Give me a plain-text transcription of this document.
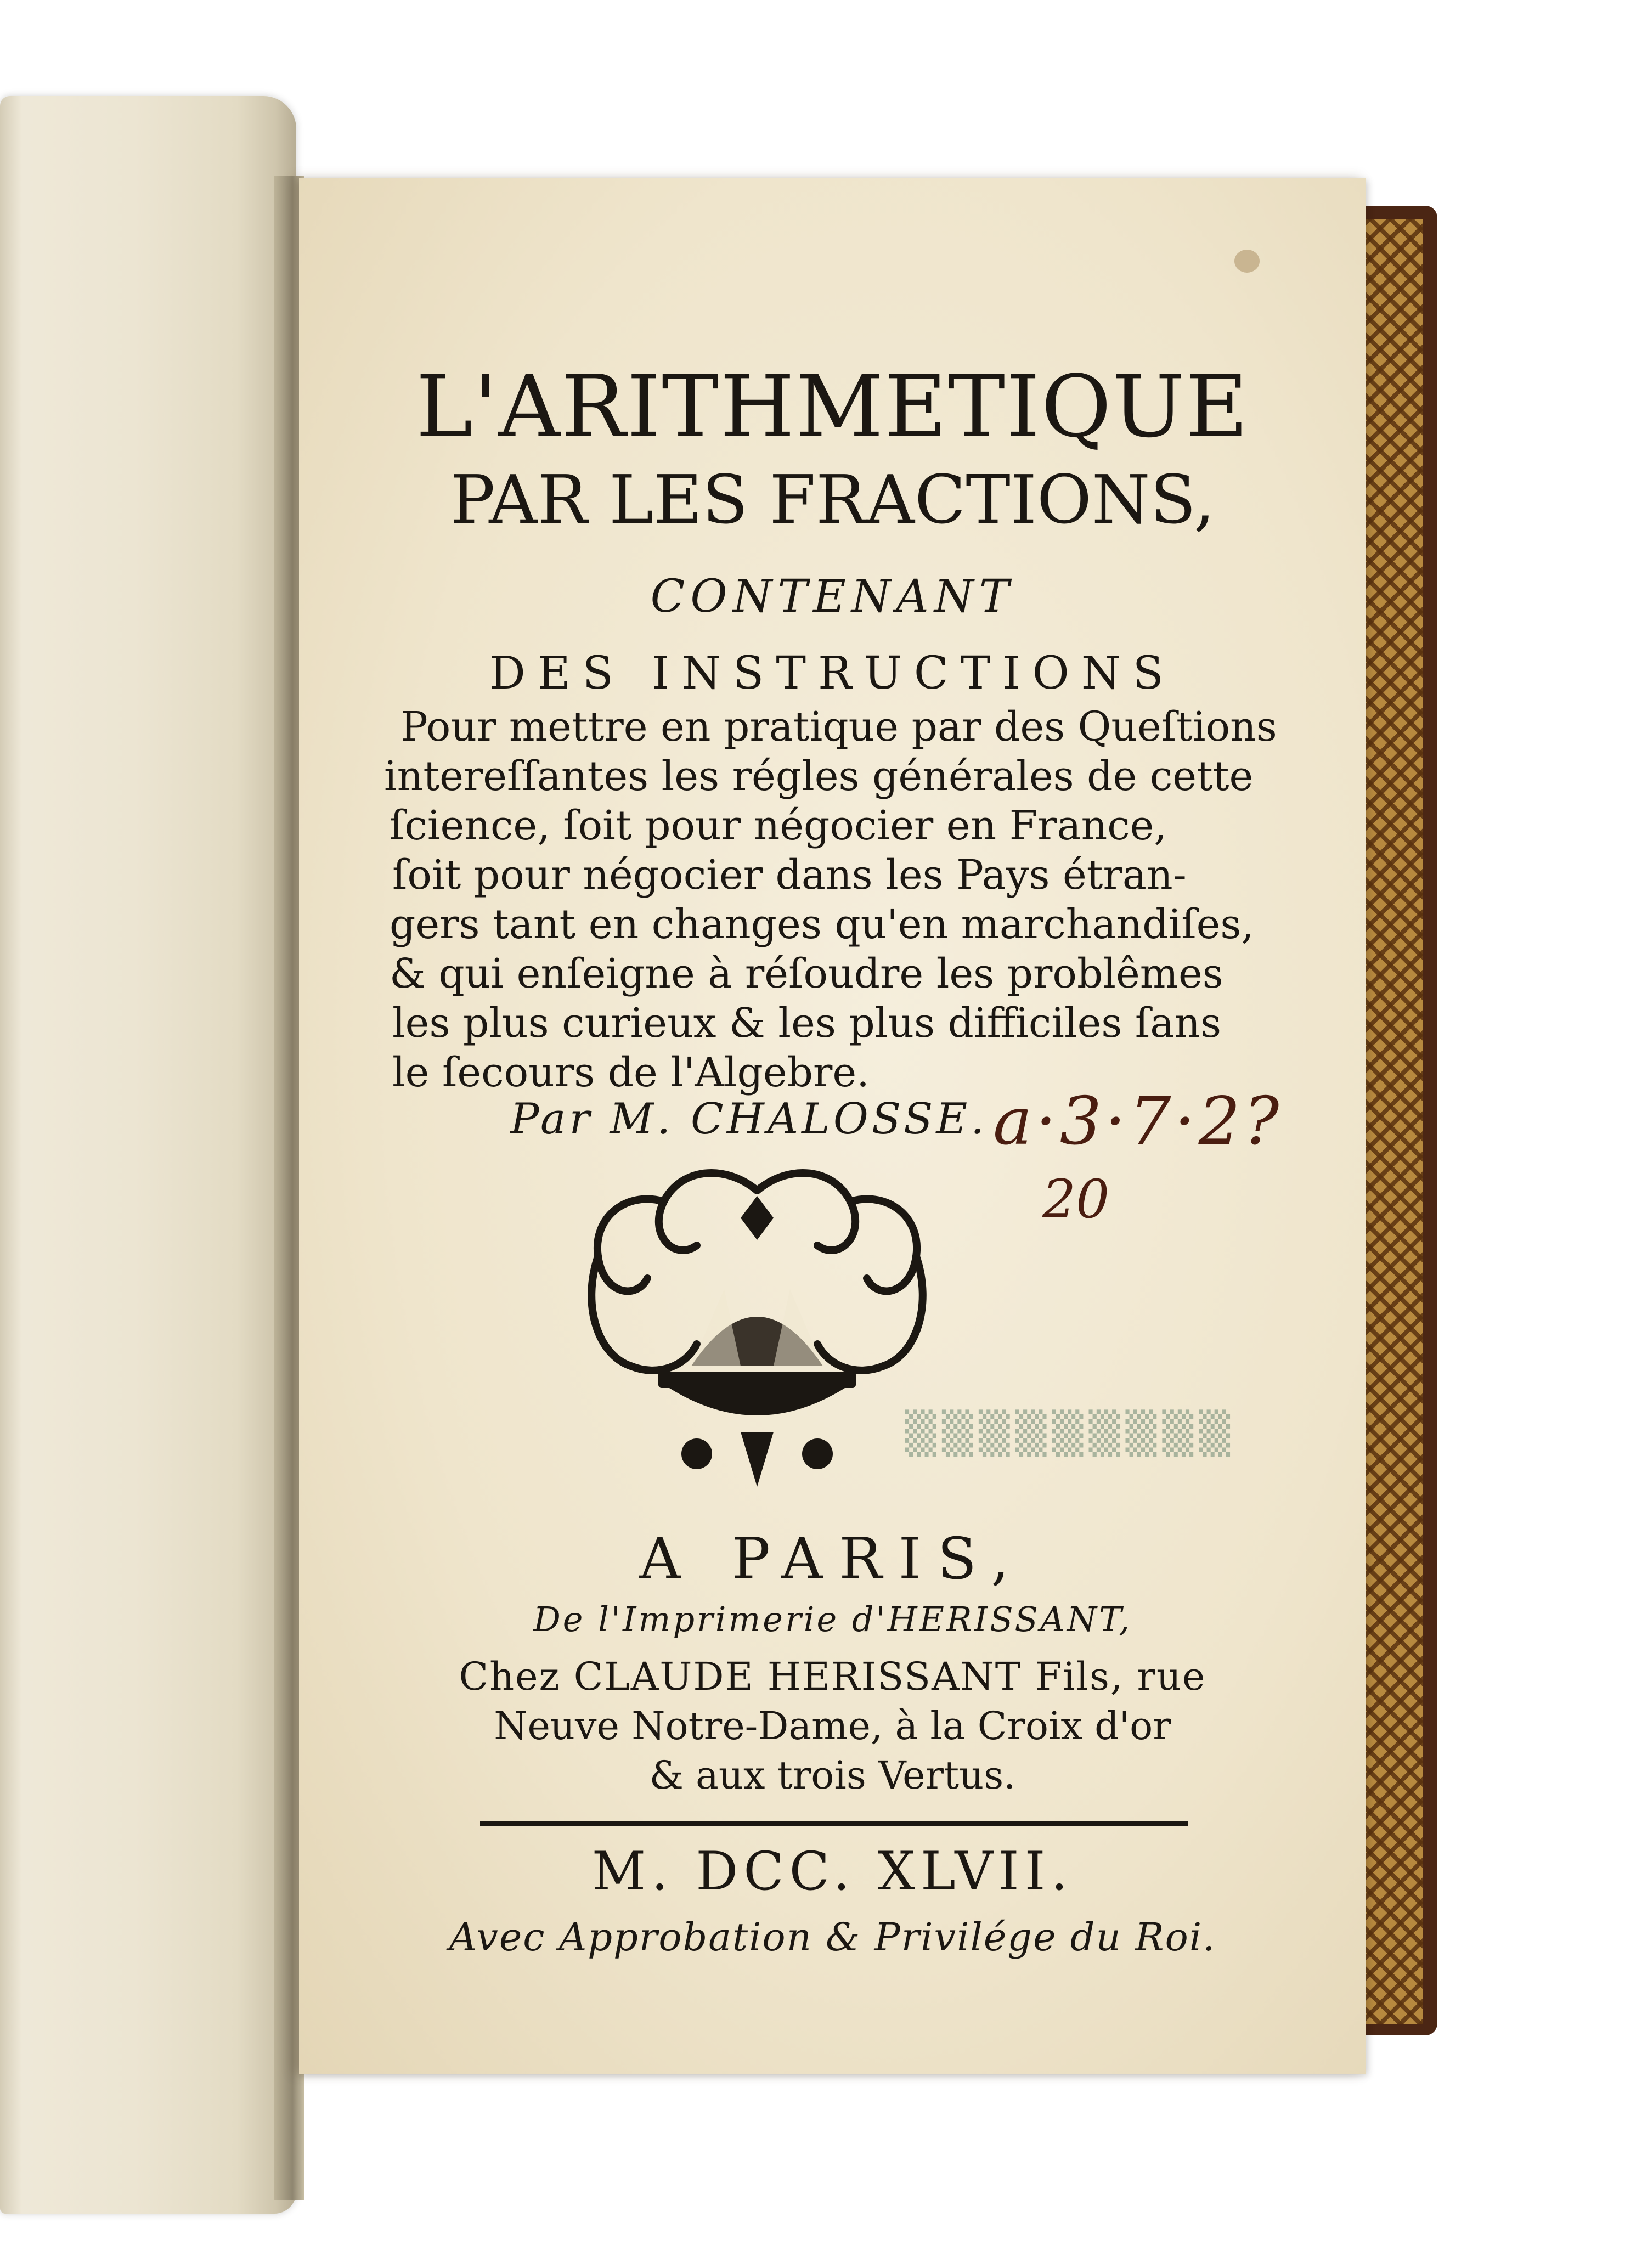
L'ARITHMETIQUE
PAR LES FRACTIONS,
CONTENANT
DES INSTRUCTIONS
Pour mettre en pratique par des Queſtions
intereſſantes les régles générales de cette
ſcience, ſoit pour négocier en France,
ſoit pour négocier dans les Pays étran-
gers tant en changes qu'en marchandiſes,
& qui enſeigne à réſoudre les problêmes
les plus curieux & les plus difficiles ſans
le ſecours de l'Algebre.
Par M. CHALOSSE. a·3·7·2?
20
▒▒▒▒▒▒▒▒▒
A PARIS,
De l'Imprimerie d'HERISSANT,
Chez CLAUDE HERISSANT Fils, rue
Neuve Notre-Dame, à la Croix d'or
& aux trois Vertus.
M. DCC. XLVII.
Avec Approbation & Privilége du Roi.
